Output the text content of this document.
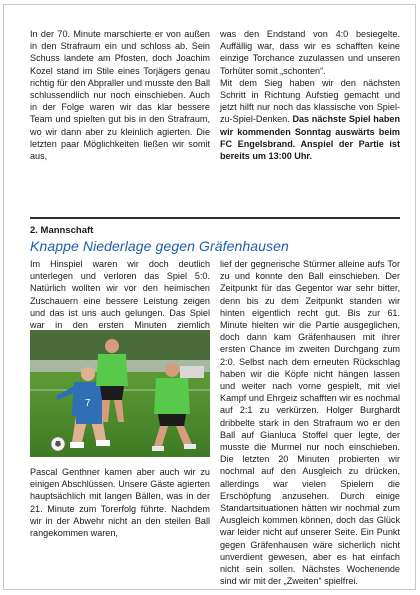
In der 70. Minute marschierte er von außen in den Strafraum ein und schloss ab. Sein Schuss landete am Pfosten, doch Joachim Kozel stand im Stile eines Torjägers genau richtig für den Abpraller und musste den Ball schlussendlich nur noch einschieben. Auch in der Folge waren wir das klar bessere Team und spielten gut bis in den Strafraum, wo wir dann aber zu kleinlich agierten. Die letzten paar Möglichkeiten ließen wir somit aus,

was den Endstand von 4:0 besiegelte. Auffällig war, dass wir es schafften keine einzige Torchance zuzulassen und unseren Torhüter somit „schonten“.

Mit dem Sieg haben wir den nächsten Schritt in Richtung Aufstieg gemacht und jetzt hilft nur noch das klassische von Spiel-zu-Spiel-Denken. Das nächste Spiel haben wir kommenden Sonntag auswärts beim FC Engelsbrand. Anspiel der Partie ist bereits um 13:00 Uhr.

2. Mannschaft
Knappe Niederlage gegen Gräfenhausen

Im Hinspiel waren wir doch deutlich unterlegen und verloren das Spiel 5:0. Natürlich wollten wir vor den heimischen Zuschauern eine bessere Leistung zeigen und das ist uns auch gelungen. Das Spiel war in den ersten Minuten ziemlich

7

Pascal Genthner kamen aber auch wir zu einigen Abschlüssen. Unsere Gäste agierten hauptsächlich mit langen Bällen, was in der 21. Minute zum Torerfolg führte. Nachdem wir in der Abwehr nicht an den steilen Ball rangekommen waren,

lief der gegnerische Stürmer alleine aufs Tor zu und konnte den Ball einschieben. Der Zeitpunkt für das Gegentor war sehr bitter, denn bis zu dem Zeitpunkt standen wir hinten eigentlich recht gut. Bis zur 61. Minute hielten wir die Partie ausgeglichen, doch dann kam Gräfenhausen mit ihrer ersten Chance im zweiten Durchgang zum 2:0. Selbst nach dem erneuten Rückschlag haben wir die Köpfe nicht hängen lassen und weiter nach vorne gespielt, mit viel Kampf und Ehrgeiz schafften wir es nochmal auf 2:1 zu verkürzen. Holger Burghardt dribbelte stark in den Strafraum wo er den Ball auf Gianluca Stoffel quer legte, der musste die Murmel nur noch einschieben. Die letzten 20 Minuten probierten wir nochmal auf den Ausgleich zu drücken, allerdings war vielen Spielern die Erschöpfung anzusehen. Durch einige Standartsituationen hätten wir nochmal zum Ausgleich kommen können, doch das Glück war leider nicht auf unserer Seite. Ein Punkt gegen Gräfenhausen wäre sicherlich nicht unverdient gewesen, aber es hat einfach nicht sein sollen. Nächstes Wochenende sind wir mit der „Zweiten“ spielfrei.
